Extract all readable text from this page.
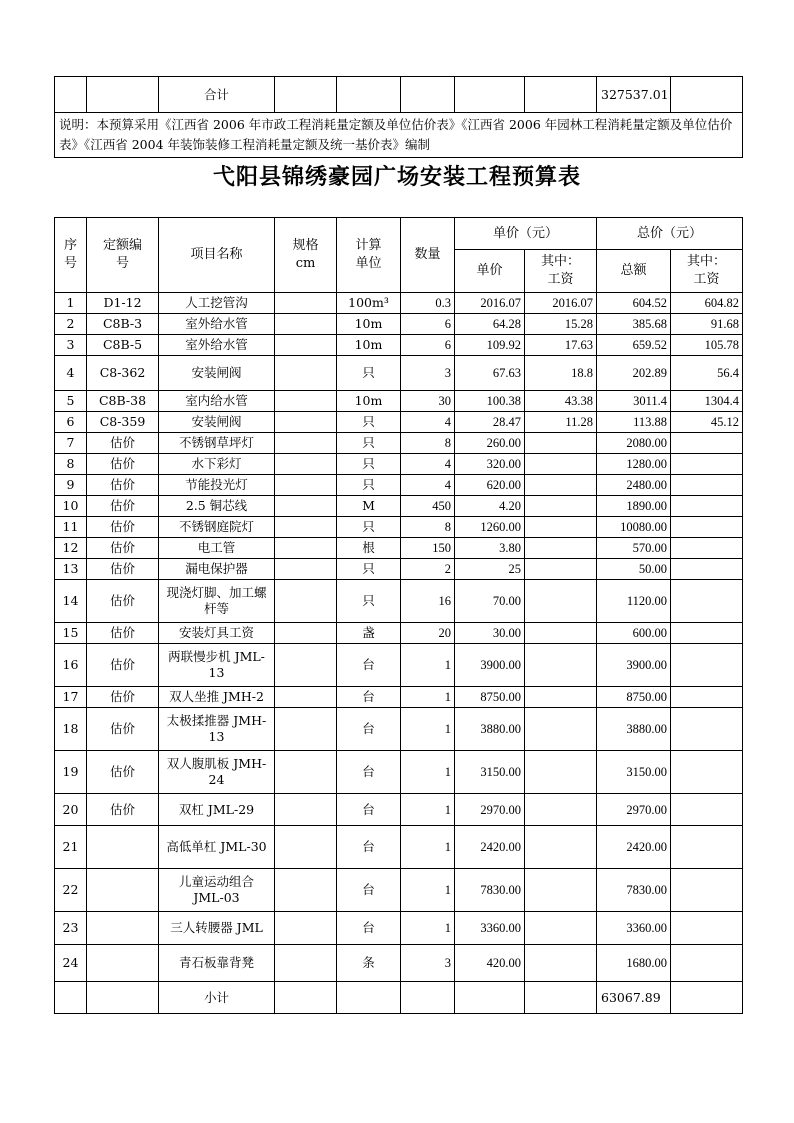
		合计						327537.01	
说明：本预算采用《江西省 2006 年市政工程消耗量定额及单位估价表》《江西省 2006 年园林工程消耗量定额及单位估价表》《江西省 2004 年装饰装修工程消耗量定额及统一基价表》编制
弋阳县锦绣豪园广场安装工程预算表
序号	定额编号	项目名称	规格cm	计算单位	数量	单价（元）		总价（元）	
						单价	其中：工资	总额	其中：工资
1	D1-12	人工挖管沟		100m³	0.3	2016.07	2016.07	604.52	604.82
2	C8B-3	室外给水管		10m	6	64.28	15.28	385.68	91.68
3	C8B-5	室外给水管		10m	6	109.92	17.63	659.52	105.78
4	C8-362	安装闸阀		只	3	67.63	18.8	202.89	56.4
5	C8B-38	室内给水管		10m	30	100.38	43.38	3011.4	1304.4
6	C8-359	安装闸阀		只	4	28.47	11.28	113.88	45.12
7	估价	不锈钢草坪灯		只	8	260.00		2080.00	
8	估价	水下彩灯		只	4	320.00		1280.00	
9	估价	节能投光灯		只	4	620.00		2480.00	
10	估价	2.5 铜芯线		M	450	4.20		1890.00	
11	估价	不锈钢庭院灯		只	8	1260.00		10080.00	
12	估价	电工管		根	150	3.80		570.00	
13	估价	漏电保护器		只	2	25		50.00	
14	估价	现浇灯脚、加工螺杆等		只	16	70.00		1120.00	
15	估价	安装灯具工资		盏	20	30.00		600.00	
16	估价	两联慢步机 JML-13		台	1	3900.00		3900.00	
17	估价	双人坐推 JMH-2		台	1	8750.00		8750.00	
18	估价	太极揉推器 JMH-13		台	1	3880.00		3880.00	
19	估价	双人腹肌板 JMH-24		台	1	3150.00		3150.00	
20	估价	双杠 JML-29		台	1	2970.00		2970.00	
21		高低单杠 JML-30		台	1	2420.00		2420.00	
22		儿童运动组合 JML-03		台	1	7830.00		7830.00	
23		三人转腰器 JML		台	1	3360.00		3360.00	
24		青石板靠背凳		条	3	420.00		1680.00	
		小计						63067.89	
